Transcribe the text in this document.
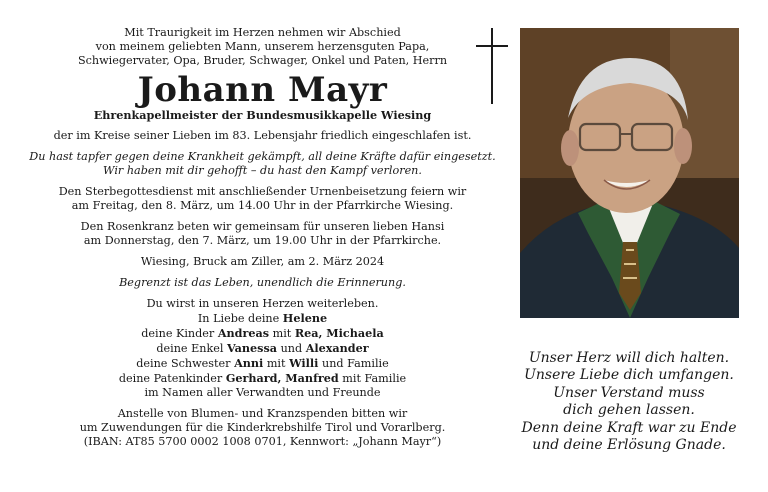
Mit Traurigkeit im Herzen nehmen wir Abschied

von meinem geliebten Mann, unserem herzensguten Papa,

Schwiegervater, Opa, Bruder, Schwager, Onkel und Paten, Herrn

Johann Mayr

Ehrenkapellmeister der Bundesmusikkapelle Wiesing

der im Kreise seiner Lieben im 83. Lebensjahr friedlich eingeschlafen ist.

Du hast tapfer gegen deine Krankheit gekämpft, all deine Kräfte dafür eingesetzt.

Wir haben mit dir gehofft – du hast den Kampf verloren.

Den Sterbegottesdienst mit anschließender Urnenbeisetzung feiern wir

am Freitag, den 8. März, um 14.00 Uhr in der Pfarrkirche Wiesing.

Den Rosenkranz beten wir gemeinsam für unseren lieben Hansi

am Donnerstag, den 7. März, um 19.00 Uhr in der Pfarrkirche.

Wiesing, Bruck am Ziller, am 2. März 2024

Begrenzt ist das Leben, unendlich die Erinnerung.

Du wirst in unseren Herzen weiterleben.

In Liebe deine Helene

deine Kinder Andreas mit Rea, Michaela

deine Enkel Vanessa und Alexander

deine Schwester Anni mit Willi und Familie

deine Patenkinder Gerhard, Manfred mit Familie

im Namen aller Verwandten und Freunde

Anstelle von Blumen- und Kranzspenden bitten wir

um Zuwendungen für die Kinderkrebshilfe Tirol und Vorarlberg.

(IBAN: AT85 5700 0002 1008 0701, Kennwort: „Johann Mayr“)

Unser Herz will dich halten.

Unsere Liebe dich umfangen.

Unser Verstand muss

dich gehen lassen.

Denn deine Kraft war zu Ende

und deine Erlösung Gnade.
